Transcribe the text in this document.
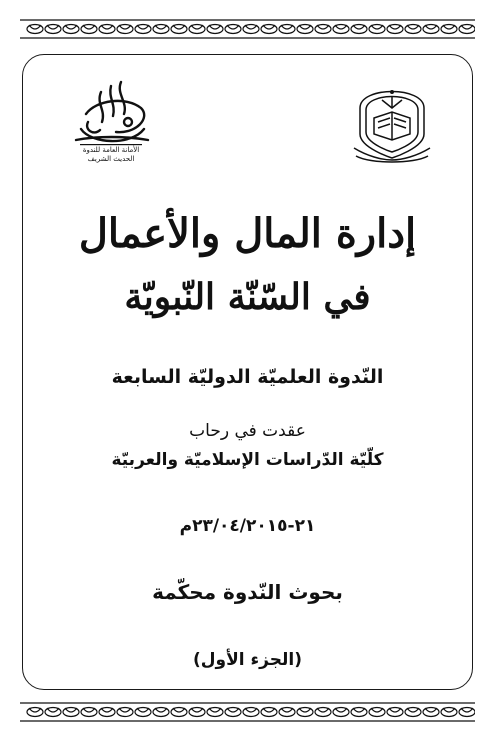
الأمانة العامة للندوة
الحديث الشريف
إدارة المال والأعمال
في السّنّة النّبويّة
النّدوة العلميّة الدوليّة السابعة
عقدت في رحاب
كلّيّة الدّراسات الإسلاميّة والعربيّة
٢١-٢٣/٠٤/٢٠١٥م
بحوث النّدوة محكّمة
(الجزء الأول)
